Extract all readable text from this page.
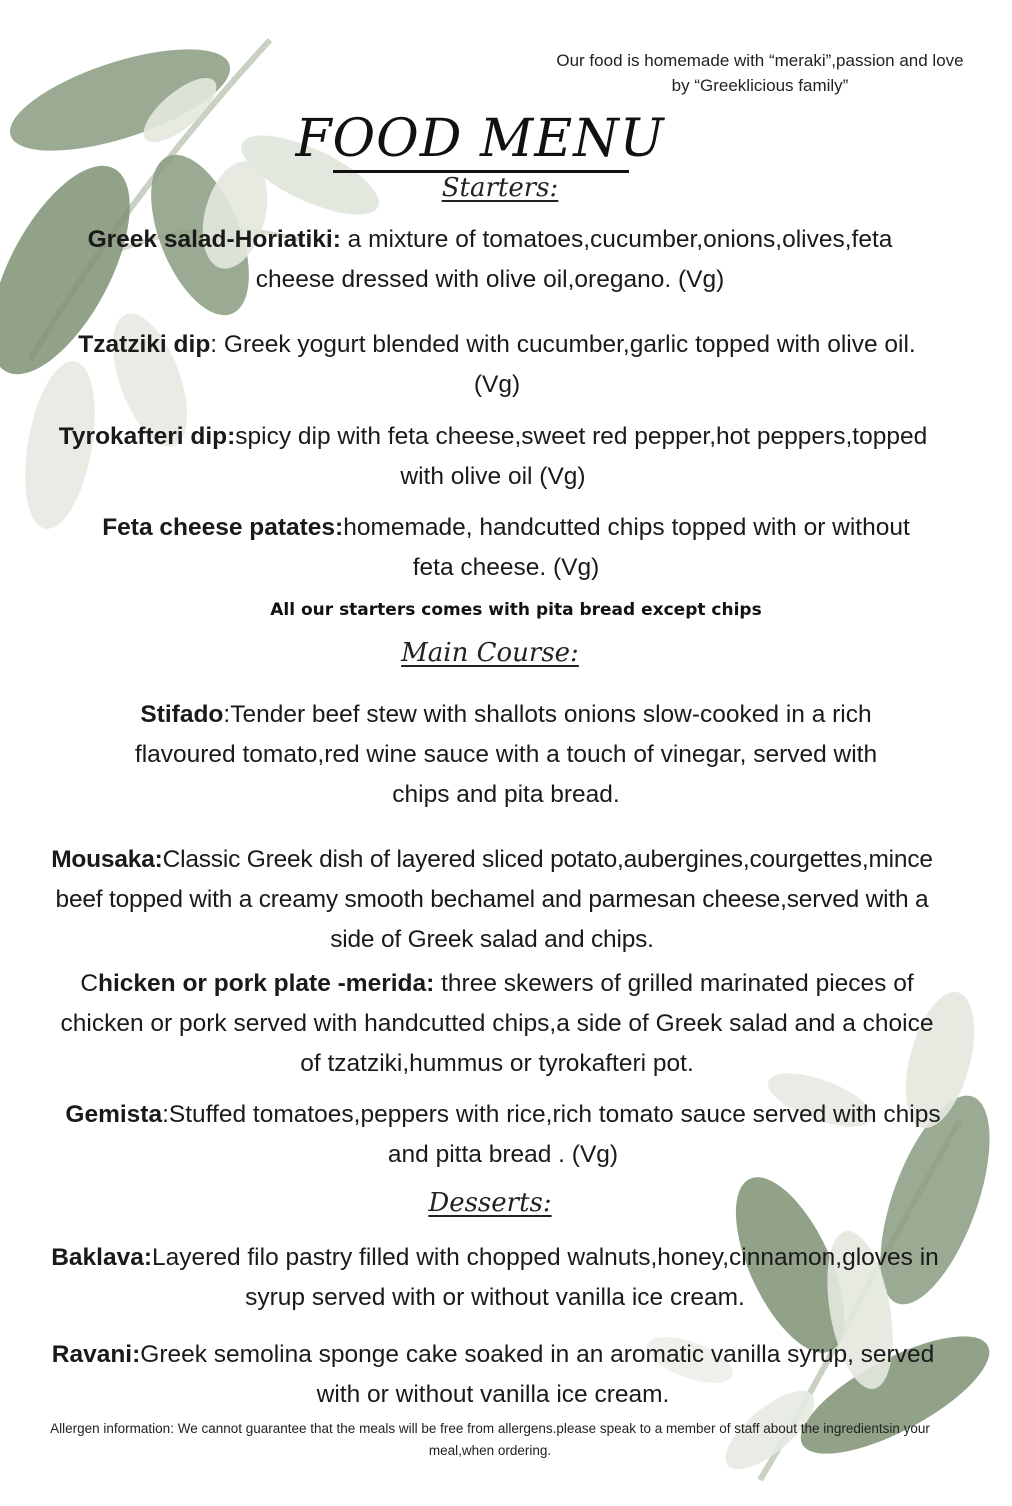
Our food is homemade with “meraki”,passion and love
by “Greeklicious family”
FOOD MENU
Starters:
Greek salad-Horiatiki: a mixture of tomatoes,cucumber,onions,olives,feta
cheese dressed with olive oil,oregano. (Vg)
Tzatziki dip: Greek yogurt blended with cucumber,garlic topped with olive oil.
(Vg)
Tyrokafteri dip:spicy dip with feta cheese,sweet red pepper,hot peppers,topped
with olive oil (Vg)
Feta cheese patates:homemade, handcutted chips topped with or without
feta cheese. (Vg)
All our starters comes with pita bread except chips
Main Course:
Stifado:Tender beef stew with shallots onions slow-cooked in a rich
flavoured tomato,red wine sauce with a touch of vinegar, served with
chips and pita bread.
Mousaka:Classic Greek dish of layered sliced potato,aubergines,courgettes,mince
beef topped with a creamy smooth bechamel and parmesan cheese,served with a
side of Greek salad and chips.
Chicken or pork plate -merida: three skewers of grilled marinated pieces of
chicken or pork served with handcutted chips,a side of Greek salad and a choice
of tzatziki,hummus or tyrokafteri pot.
Gemista:Stuffed tomatoes,peppers with rice,rich tomato sauce served with chips
and pitta bread . (Vg)
Desserts:
Baklava:Layered filo pastry filled with chopped walnuts,honey,cinnamon,gloves in
syrup served with or without vanilla ice cream.
Ravani:Greek semolina sponge cake soaked in an aromatic vanilla syrup, served
with or without vanilla ice cream.
Allergen information: We cannot guarantee that the meals will be free from allergens.please speak to a member of staff about the ingredientsin your
meal,when ordering.
